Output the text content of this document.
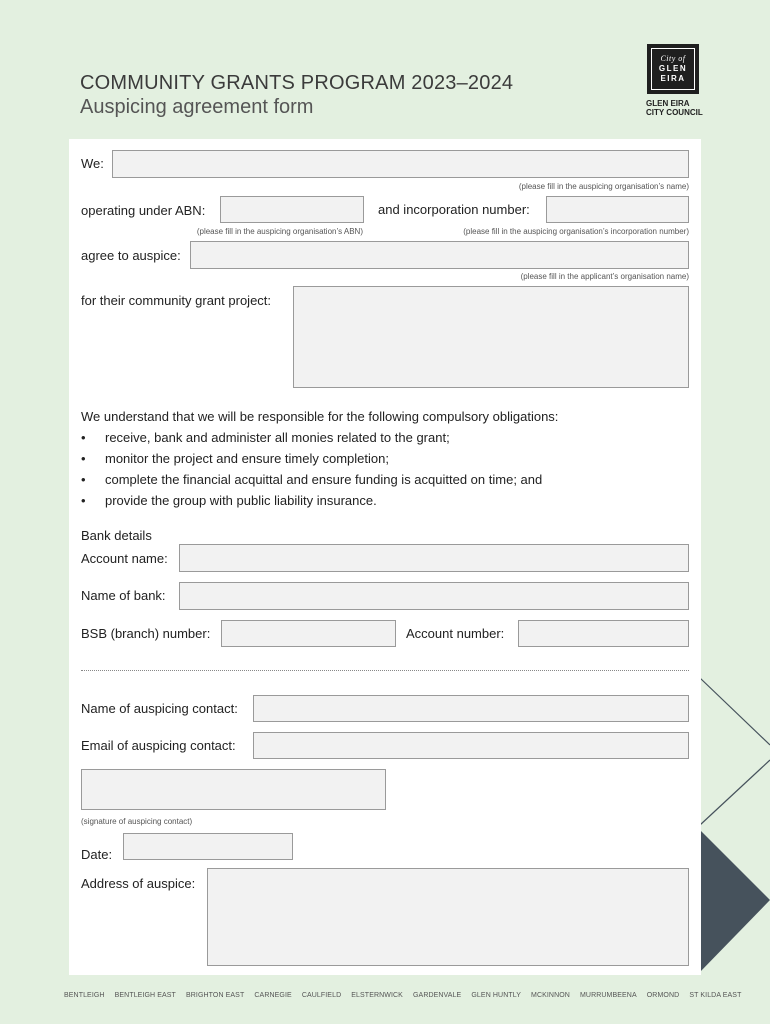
COMMUNITY GRANTS PROGRAM 2023–2024
Auspicing agreement form
City of
GLEN
EIRA
GLEN EIRA
CITY COUNCIL
We:
(please fill in the auspicing organisation’s name)
operating under ABN:
(please fill in the auspicing organisation’s ABN)
and incorporation number:
(please fill in the auspicing organisation’s incorporation number)
agree to auspice:
(please fill in the applicant’s organisation name)
for their community grant project:
We understand that we will be responsible for the following compulsory obligations:
• receive, bank and administer all monies related to the grant;
• monitor the project and ensure timely completion;
• complete the financial acquittal and ensure funding is acquitted on time; and
• provide the group with public liability insurance.
Bank details
Account name:
Name of bank:
BSB (branch) number:	Account number:
Name of auspicing contact:
Email of auspicing contact:
(signature of auspicing contact)
Date:
Address of auspice:
BENTLEIGH BENTLEIGH EAST BRIGHTON EAST CARNEGIE CAULFIELD ELSTERNWICK GARDENVALE GLEN HUNTLY MCKINNON MURRUMBEENA ORMOND ST KILDA EAST
